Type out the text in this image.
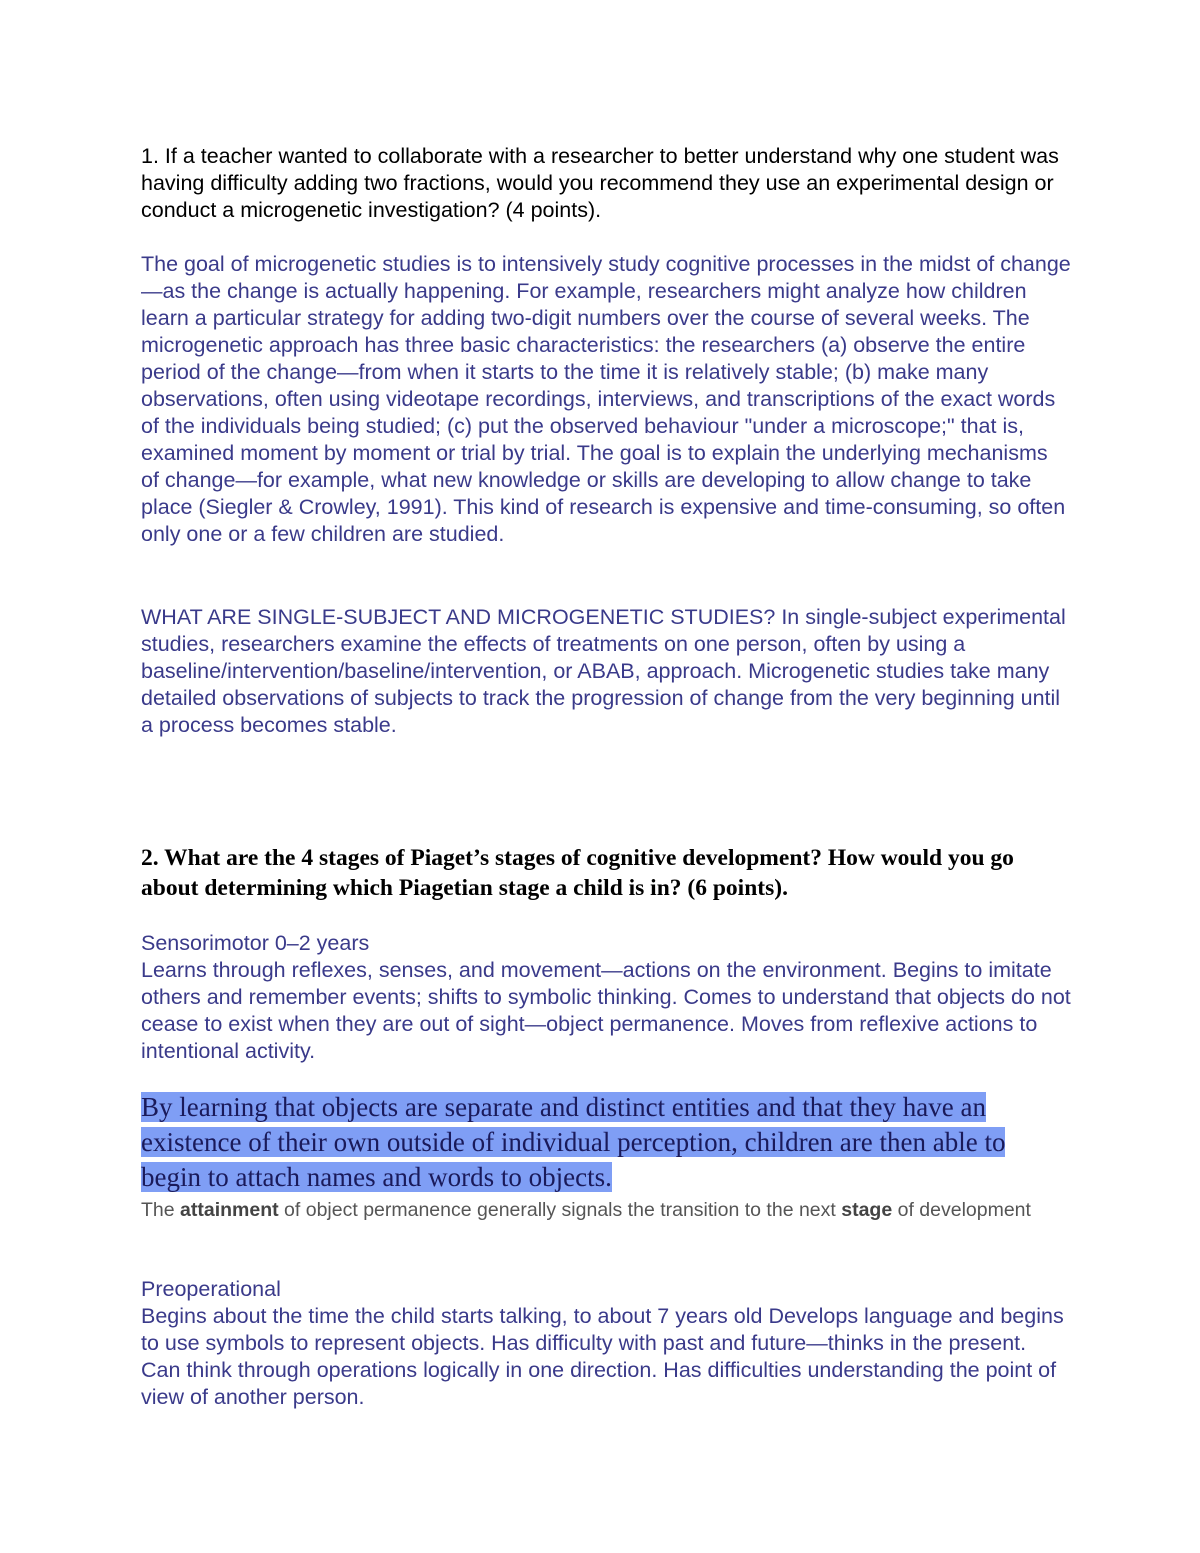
1. If a teacher wanted to collaborate with a researcher to better understand why one student was having difficulty adding two fractions, would you recommend they use an experimental design or conduct a microgenetic investigation? (4 points).

The goal of microgenetic studies is to intensively study cognitive processes in the midst of change—as the change is actually happening. For example, researchers might analyze how children learn a particular strategy for adding two-digit numbers over the course of several weeks. The microgenetic approach has three basic characteristics: the researchers (a) observe the entire period of the change—from when it starts to the time it is relatively stable; (b) make many observations, often using videotape recordings, interviews, and transcriptions of the exact words of the individuals being studied; (c) put the observed behaviour "under a microscope;" that is, examined moment by moment or trial by trial. The goal is to explain the underlying mechanisms of change—for example, what new knowledge or skills are developing to allow change to take place (Siegler & Crowley, 1991). This kind of research is expensive and time-consuming, so often only one or a few children are studied.

WHAT ARE SINGLE-SUBJECT AND MICROGENETIC STUDIES? In single-subject experimental studies, researchers examine the effects of treatments on one person, often by using a baseline/intervention/baseline/intervention, or ABAB, approach. Microgenetic studies take many detailed observations of subjects to track the progression of change from the very beginning until a process becomes stable.

2. What are the 4 stages of Piaget’s stages of cognitive development? How would you go about determining which Piagetian stage a child is in? (6 points).

Sensorimotor 0–2 years

Learns through reflexes, senses, and movement—actions on the environment. Begins to imitate others and remember events; shifts to symbolic thinking. Comes to understand that objects do not cease to exist when they are out of sight—object permanence. Moves from reflexive actions to intentional activity.

By learning that objects are separate and distinct entities and that they have an existence of their own outside of individual perception, children are then able to begin to attach names and words to objects.

The attainment of object permanence generally signals the transition to the next stage of development

Preoperational

Begins about the time the child starts talking, to about 7 years old Develops language and begins to use symbols to represent objects. Has difficulty with past and future—thinks in the present. Can think through operations logically in one direction. Has difficulties understanding the point of view of another person.
